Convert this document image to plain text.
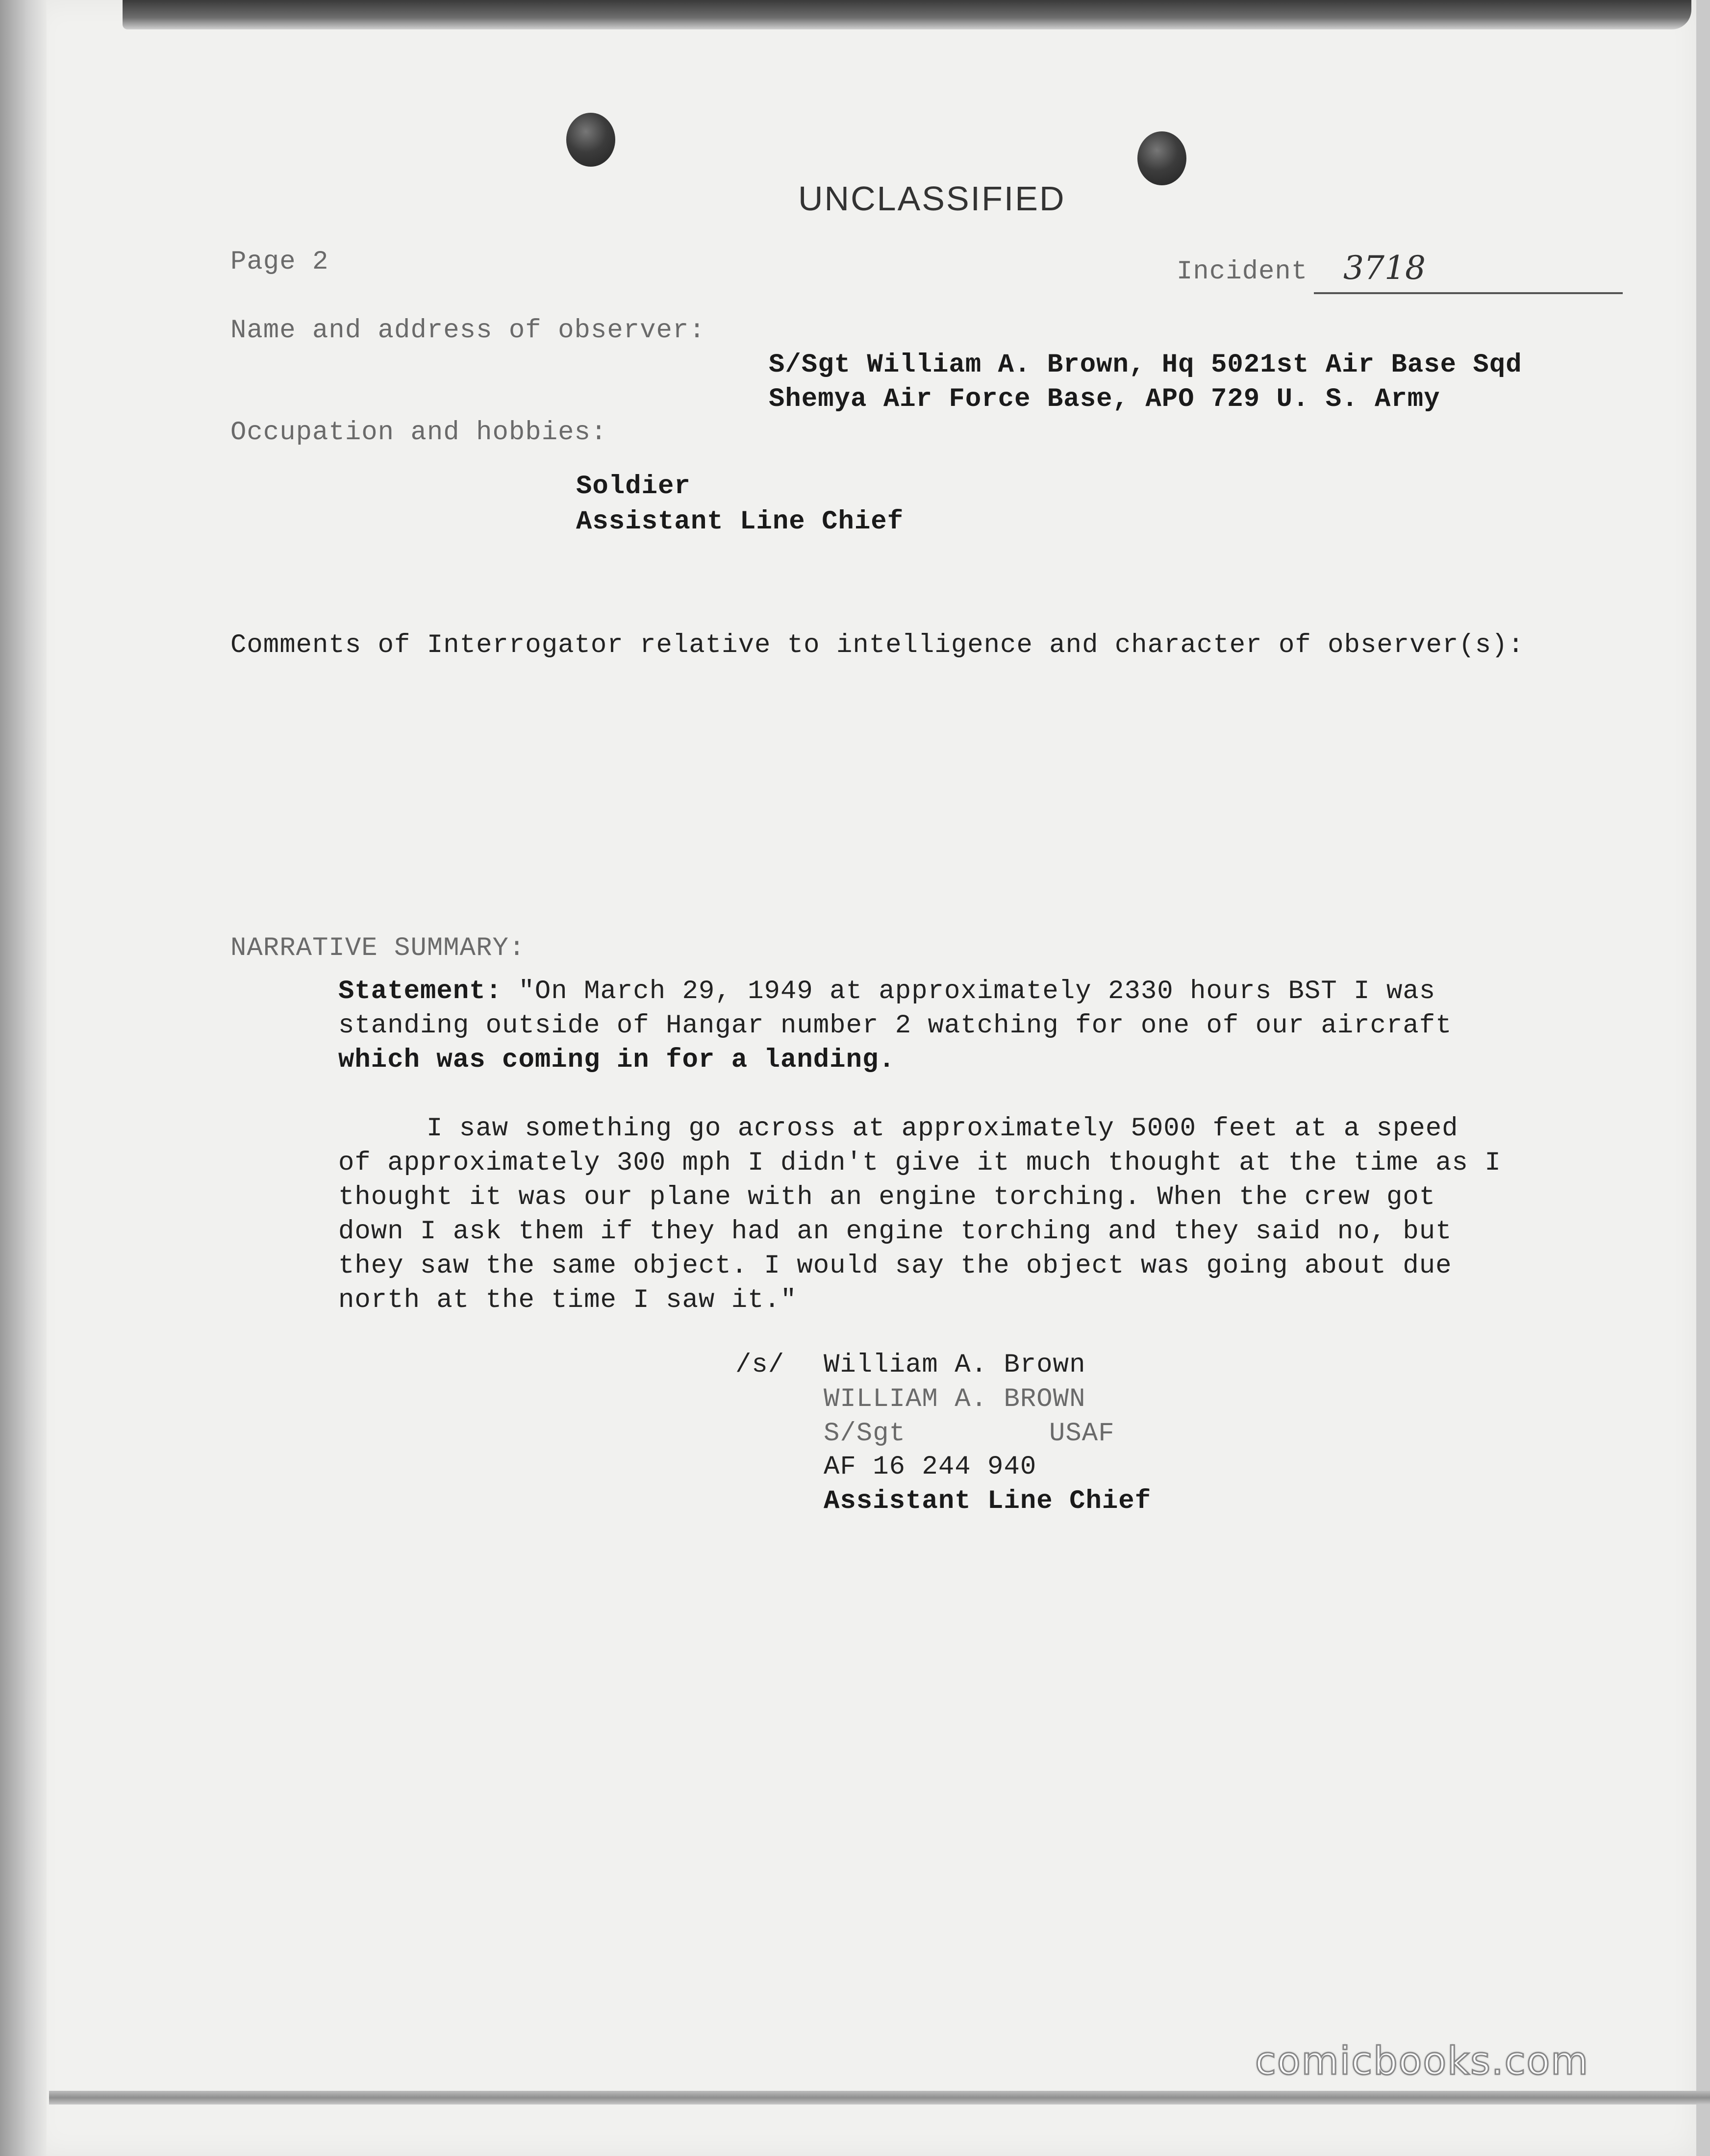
UNCLASSIFIED
Page 2	Incident 3718
Name and address of observer:
S/Sgt William A. Brown, Hq 5021st Air Base Sqd
Shemya Air Force Base, APO 729 U. S. Army
Occupation and hobbies:
Soldier
Assistant Line Chief
Comments of Interrogator relative to intelligence and character of observer(s):
NARRATIVE SUMMARY:
Statement: "On March 29, 1949 at approximately 2330 hours BST I was
standing outside of Hangar number 2 watching for one of our aircraft
which was coming in for a landing.
I saw something go across at approximately 5000 feet at a speed
of approximately 300 mph I didn't give it much thought at the time as I
thought it was our plane with an engine torching. When the crew got
down I ask them if they had an engine torching and they said no, but
they saw the same object. I would say the object was going about due
north at the time I saw it."
/s/ William A. Brown
WILLIAM A. BROWN
S/Sgt	USAF
AF 16 244 940
Assistant Line Chief
comicbooks.com
